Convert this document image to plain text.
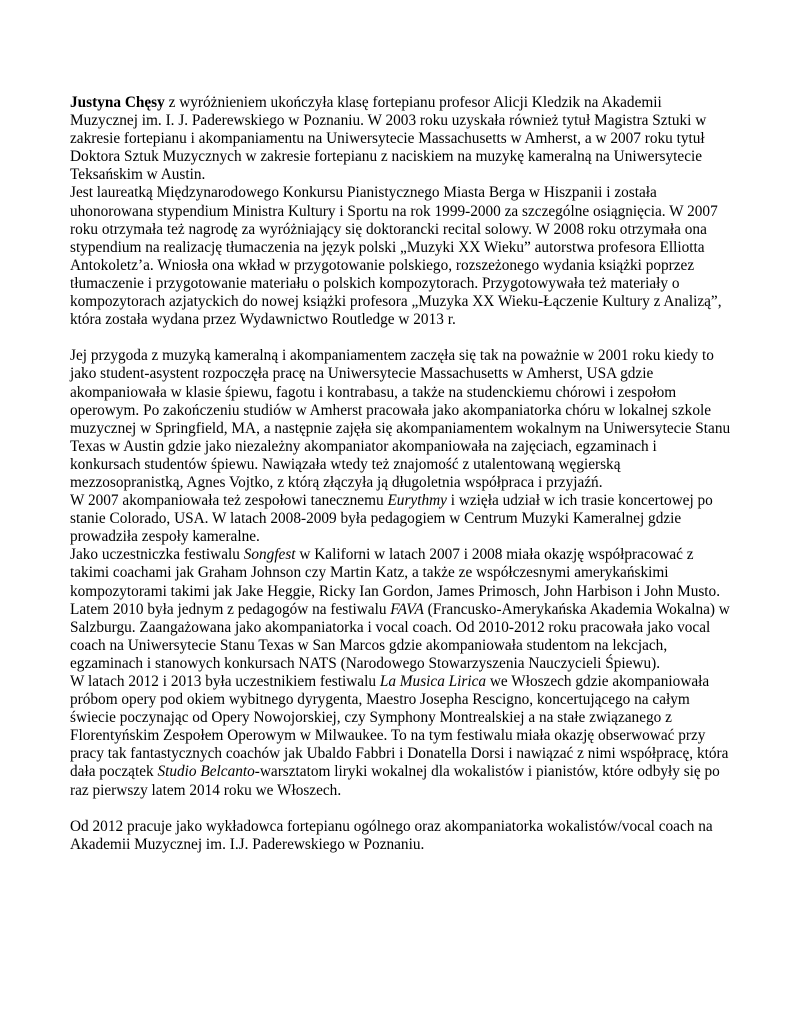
Justyna Chęsy z wyróżnieniem ukończyła klasę fortepianu profesor Alicji Kledzik na Akademii Muzycznej im. I. J. Paderewskiego w Poznaniu. W 2003 roku uzyskała również tytuł Magistra Sztuki w zakresie fortepianu i akompaniamentu na Uniwersytecie Massachusetts w Amherst, a w 2007 roku tytuł Doktora Sztuk Muzycznych w zakresie fortepianu z naciskiem na muzykę kameralną na Uniwersytecie Teksańskim w Austin.

Jest laureatką Międzynarodowego Konkursu Pianistycznego Miasta Berga w Hiszpanii i została uhonorowana stypendium Ministra Kultury i Sportu na rok 1999-2000 za szczególne osiągnięcia. W 2007 roku otrzymała też nagrodę za wyróżniający się doktorancki recital solowy. W 2008 roku otrzymała ona stypendium na realizację tłumaczenia na język polski „Muzyki XX Wieku” autorstwa profesora Elliotta Antokoletz’a. Wniosła ona wkład w przygotowanie polskiego, rozszeżonego wydania książki poprzez tłumaczenie i przygotowanie materiału o polskich kompozytorach. Przygotowywała też materiały o kompozytorach azjatyckich do nowej książki profesora „Muzyka XX Wieku-Łączenie Kultury z Analizą”, która została wydana przez Wydawnictwo Routledge w 2013 r.

Jej przygoda z muzyką kameralną i akompaniamentem zaczęła się tak na poważnie w 2001 roku kiedy to jako student-asystent rozpoczęła pracę na Uniwersytecie Massachusetts w Amherst, USA gdzie akompaniowała w klasie śpiewu, fagotu i kontrabasu, a także na studenckiemu chórowi i zespołom operowym. Po zakończeniu studiów w Amherst pracowała jako akompaniatorka chóru w lokalnej szkole muzycznej w Springfield, MA, a następnie zajęła się akompaniamentem wokalnym na Uniwersytecie Stanu Texas w Austin gdzie jako niezależny akompaniator akompaniowała na zajęciach, egzaminach i konkursach studentów śpiewu. Nawiązała wtedy też znajomość z utalentowaną węgierską mezzosopranistką, Agnes Vojtko, z którą złączyła ją długoletnia współpraca i przyjaźń.

W 2007 akompaniowała też zespołowi tanecznemu Eurythmy i wzięła udział w ich trasie koncertowej po stanie Colorado, USA. W latach 2008-2009 była pedagogiem w Centrum Muzyki Kameralnej gdzie prowadziła zespoły kameralne.

Jako uczestniczka festiwalu Songfest w Kaliforni w latach 2007 i 2008 miała okazję współpracować z takimi coachami jak Graham Johnson czy Martin Katz, a także ze współczesnymi amerykańskimi kompozytorami takimi jak Jake Heggie, Ricky Ian Gordon, James Primosch, John Harbison i John Musto.

Latem 2010 była jednym z pedagogów na festiwalu FAVA (Francusko-Amerykańska Akademia Wokalna) w Salzburgu. Zaangażowana jako akompaniatorka i vocal coach. Od 2010-2012 roku pracowała jako vocal coach na Uniwersytecie Stanu Texas w San Marcos gdzie akompaniowała studentom na lekcjach, egzaminach i stanowych konkursach NATS (Narodowego Stowarzyszenia Nauczycieli Śpiewu).

W latach 2012 i 2013 była uczestnikiem festiwalu La Musica Lirica we Włoszech gdzie akompaniowała próbom opery pod okiem wybitnego dyrygenta, Maestro Josepha Rescigno, koncertującego na całym świecie poczynając od Opery Nowojorskiej, czy Symphony Montrealskiej a na stałe związanego z Florentyńskim Zespołem Operowym w Milwaukee. To na tym festiwalu miała okazję obserwować przy pracy tak fantastycznych coachów jak Ubaldo Fabbri i Donatella Dorsi i nawiązać z nimi współpracę, która dała początek Studio Belcanto-warsztatom liryki wokalnej dla wokalistów i pianistów, które odbyły się po raz pierwszy latem 2014 roku we Włoszech.

Od 2012 pracuje jako wykładowca fortepianu ogólnego oraz akompaniatorka wokalistów/vocal coach na Akademii Muzycznej im. I.J. Paderewskiego w Poznaniu.
